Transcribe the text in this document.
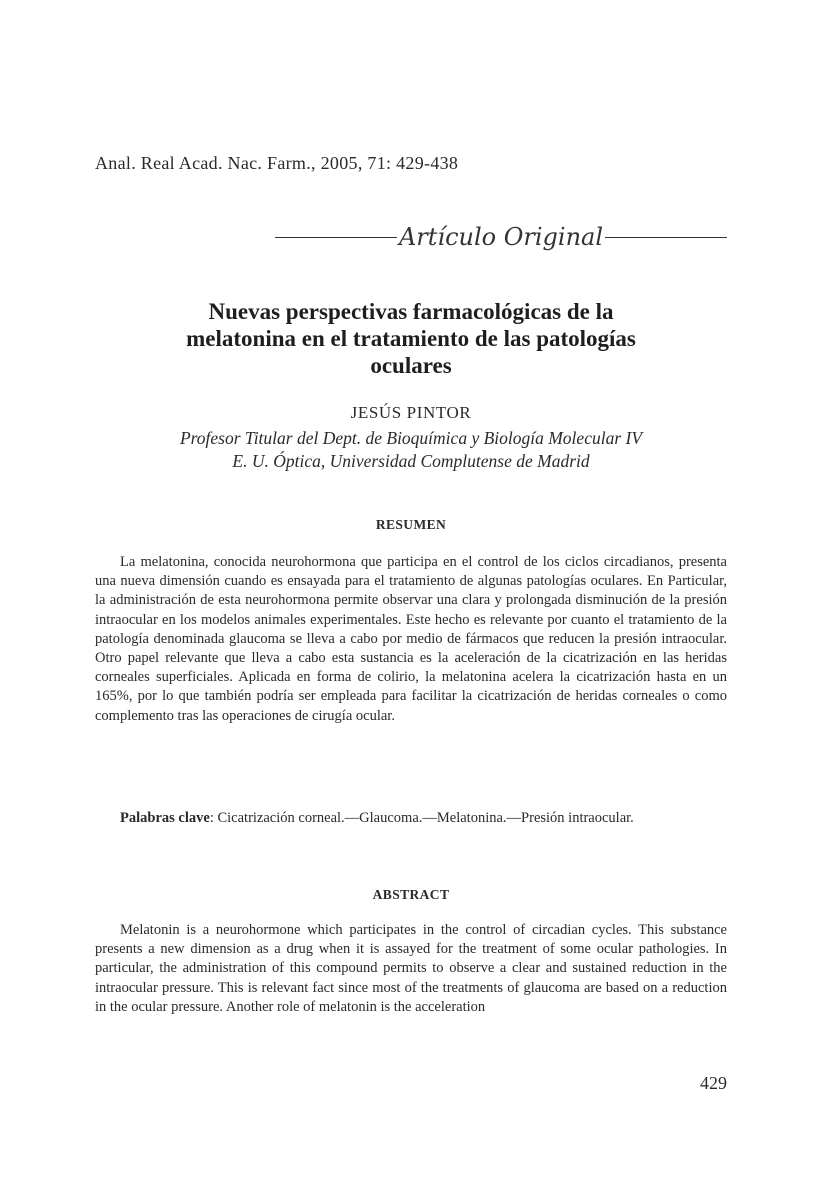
Anal. Real Acad. Nac. Farm., 2005, 71: 429-438
Artículo Original
Nuevas perspectivas farmacológicas de la
melatonina en el tratamiento de las patologías
oculares
JESÚS PINTOR
Profesor Titular del Dept. de Bioquímica y Biología Molecular IV
E. U. Óptica, Universidad Complutense de Madrid
RESUMEN

La melatonina, conocida neurohormona que participa en el control de los ciclos circadianos, presenta una nueva dimensión cuando es ensayada para el tratamiento de algunas patologías oculares. En Particular, la administración de esta neurohormona permite observar una clara y prolongada disminución de la presión intraocular en los modelos animales experimentales. Este hecho es relevante por cuanto el tratamiento de la patología denominada glaucoma se lleva a cabo por medio de fármacos que reducen la presión intraocular. Otro papel relevante que lleva a cabo esta sustancia es la aceleración de la cicatrización en las heridas corneales superficiales. Aplicada en forma de colirio, la melatonina acelera la cicatrización hasta en un 165%, por lo que también podría ser empleada para facilitar la cicatrización de heridas corneales o como complemento tras las operaciones de cirugía ocular.

Palabras clave: Cicatrización corneal.—Glaucoma.—Melatonina.—Presión intraocular.

ABSTRACT

Melatonin is a neurohormone which participates in the control of circadian cycles. This substance presents a new dimension as a drug when it is assayed for the treatment of some ocular pathologies. In particular, the administration of this compound permits to observe a clear and sustained reduction in the intraocular pressure. This is relevant fact since most of the treatments of glaucoma are based on a reduction in the ocular pressure. Another role of melatonin is the acceleration

429
